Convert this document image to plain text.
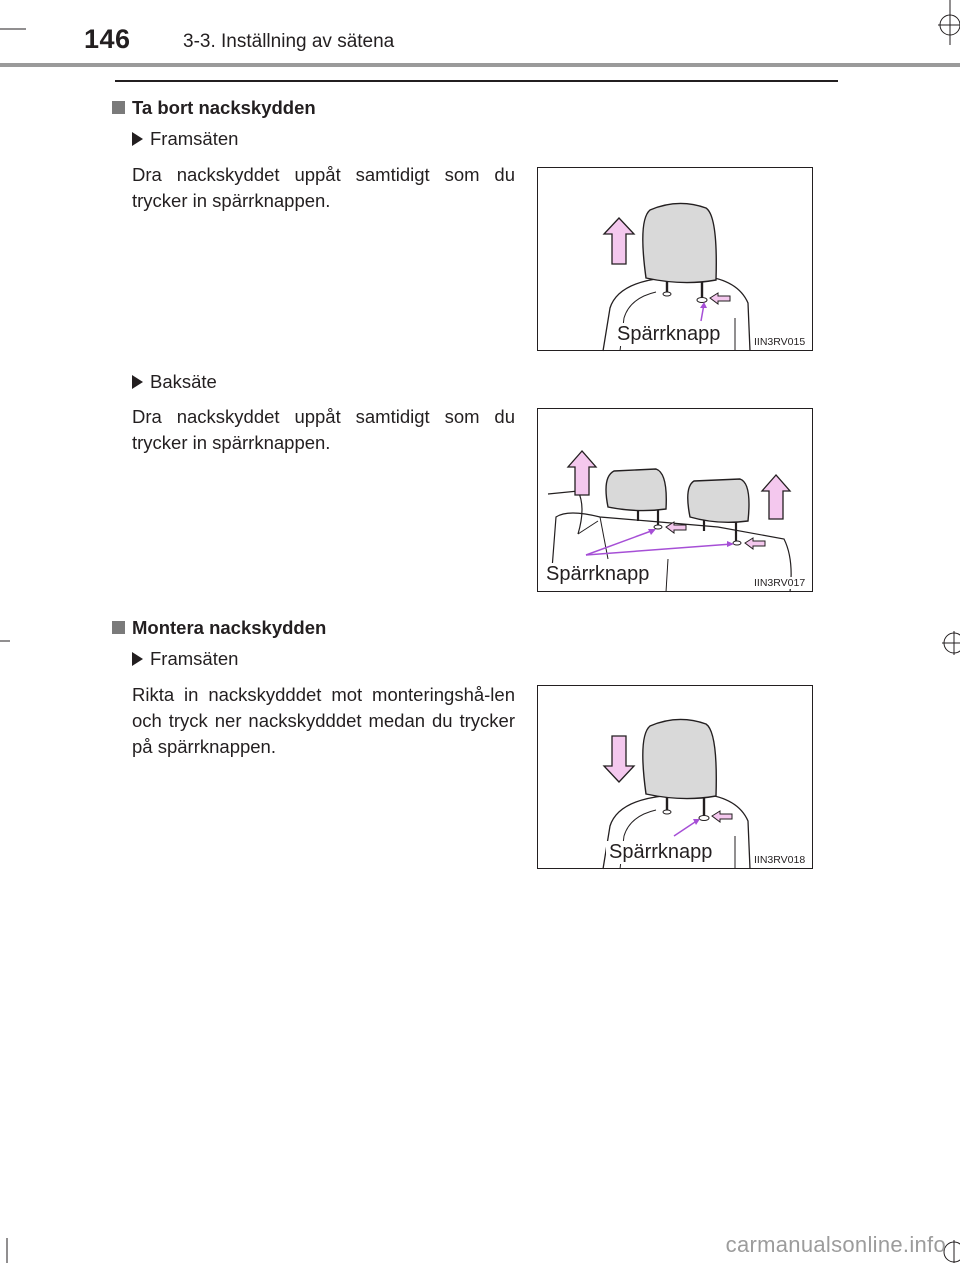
146	3-3. Inställning av sätena
Ta bort nackskydden
Framsäten
Dra nackskyddet uppåt samtidigt som du trycker in spärrknappen.
Spärrknapp	IIN3RV015
Baksäte
Dra nackskyddet uppåt samtidigt som du trycker in spärrknappen.
Spärrknapp	IIN3RV017
Montera nackskydden
Framsäten
Rikta in nackskydddet mot monteringshå-len och tryck ner nackskydddet medan du trycker på spärrknappen.
Spärrknapp	IIN3RV018
carmanualsonline.info
